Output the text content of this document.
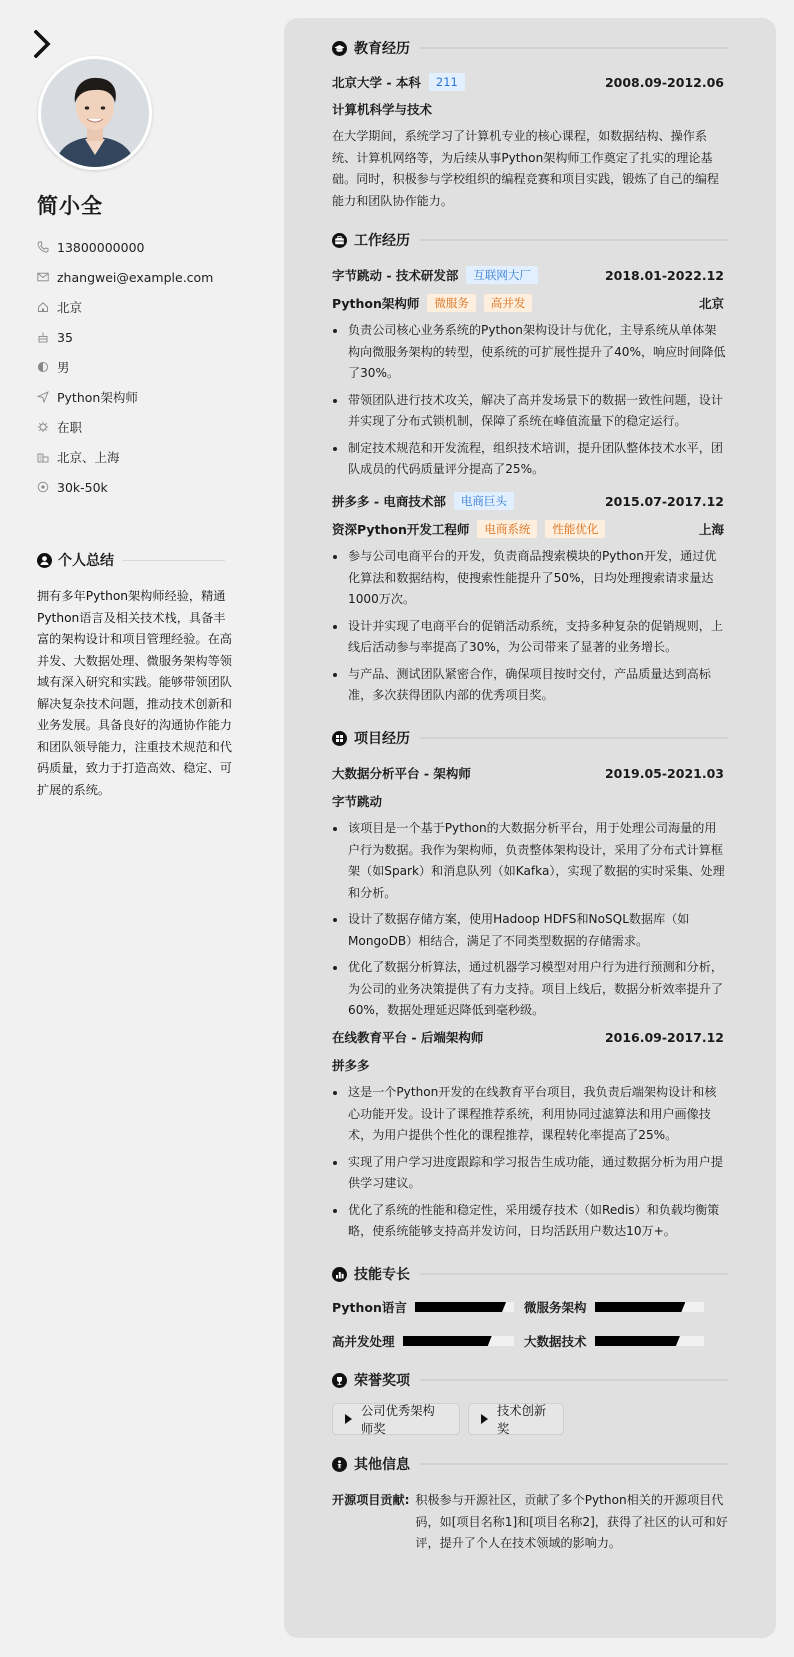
简小全
13800000000
zhangwei@example.com
北京
35
男
Python架构师
在职
北京、上海
30k-50k
个人总结
拥有多年Python架构师经验，精通Python语言及相关技术栈，具备丰富的架构设计和项目管理经验。在高并发、大数据处理、微服务架构等领域有深入研究和实践。能够带领团队解决复杂技术问题，推动技术创新和业务发展。具备良好的沟通协作能力和团队领导能力，注重技术规范和代码质量，致力于打造高效、稳定、可扩展的系统。
教育经历
北京大学 - 本科	211	2008.09-2012.06
计算机科学与技术
在大学期间，系统学习了计算机专业的核心课程，如数据结构、操作系统、计算机网络等，为后续从事Python架构师工作奠定了扎实的理论基础。同时，积极参与学校组织的编程竞赛和项目实践，锻炼了自己的编程能力和团队协作能力。
工作经历
字节跳动 - 技术研发部	互联网大厂	2018.01-2022.12
Python架构师	微服务	高并发	北京
负责公司核心业务系统的Python架构设计与优化，主导系统从单体架构向微服务架构的转型，使系统的可扩展性提升了40%，响应时间降低了30%。
带领团队进行技术攻关，解决了高并发场景下的数据一致性问题，设计并实现了分布式锁机制，保障了系统在峰值流量下的稳定运行。
制定技术规范和开发流程，组织技术培训，提升团队整体技术水平，团队成员的代码质量评分提高了25%。
拼多多 - 电商技术部	电商巨头	2015.07-2017.12
资深Python开发工程师	电商系统	性能优化	上海
参与公司电商平台的开发，负责商品搜索模块的Python开发，通过优化算法和数据结构，使搜索性能提升了50%，日均处理搜索请求量达1000万次。
设计并实现了电商平台的促销活动系统，支持多种复杂的促销规则，上线后活动参与率提高了30%，为公司带来了显著的业务增长。
与产品、测试团队紧密合作，确保项目按时交付，产品质量达到高标准，多次获得团队内部的优秀项目奖。
项目经历
大数据分析平台 - 架构师	2019.05-2021.03
字节跳动
该项目是一个基于Python的大数据分析平台，用于处理公司海量的用户行为数据。我作为架构师，负责整体架构设计，采用了分布式计算框架（如Spark）和消息队列（如Kafka），实现了数据的实时采集、处理和分析。
设计了数据存储方案，使用Hadoop HDFS和NoSQL数据库（如MongoDB）相结合，满足了不同类型数据的存储需求。
优化了数据分析算法，通过机器学习模型对用户行为进行预测和分析，为公司的业务决策提供了有力支持。项目上线后，数据分析效率提升了60%，数据处理延迟降低到毫秒级。
在线教育平台 - 后端架构师	2016.09-2017.12
拼多多
这是一个Python开发的在线教育平台项目，我负责后端架构设计和核心功能开发。设计了课程推荐系统，利用协同过滤算法和用户画像技术，为用户提供个性化的课程推荐，课程转化率提高了25%。
实现了用户学习进度跟踪和学习报告生成功能，通过数据分析为用户提供学习建议。
优化了系统的性能和稳定性，采用缓存技术（如Redis）和负载均衡策略，使系统能够支持高并发访问，日均活跃用户数达10万+。
技能专长
Python语言	微服务架构
高并发处理	大数据技术
荣誉奖项
公司优秀架构师奖
技术创新奖
其他信息
开源项目贡献: 积极参与开源社区，贡献了多个Python相关的开源项目代码，如[项目名称1]和[项目名称2]，获得了社区的认可和好评，提升了个人在技术领域的影响力。
